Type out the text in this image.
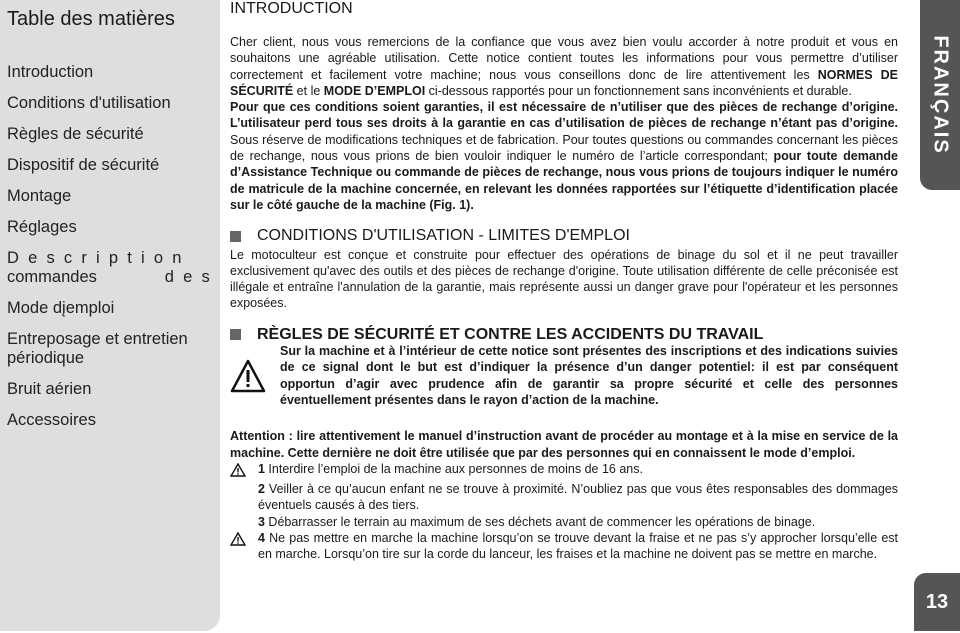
Table des matières
Introduction
Conditions d'utilisation
Règles de sécurité
Dispositif de sécurité
Montage
Réglages
D e s c r i p t i o n
d e s
commandes
Mode dįemploi
Entreposage et entretien
périodique
Bruit aérien
Accessoires
FRANÇAIS
INTRODUCTION

Cher client, nous vous remercions de la confiance que vous avez bien voulu accorder à notre produit et vous en souhaitons une agréable utilisation. Cette notice contient toutes les informations pour vous permettre d’utiliser correctement et facilement votre machine; nous vous conseillons donc de lire attentivement les NORMES DE SÉCURITÉ et le MODE D’EMPLOI ci-dessous rapportés pour un fonctionnement sans inconvénients et durable.

Pour que ces conditions soient garanties, il est nécessaire de n’utiliser que des pièces de rechange d’origine. L’utilisateur perd tous ses droits à la garantie en cas d’utilisation de pièces de rechange n’étant pas d’origine. Sous réserve de modifications techniques et de fabrication. Pour toutes questions ou commandes concernant les pièces de rechange, nous vous prions de bien vouloir indiquer le numéro de l’article correspondant; pour toute demande d’Assistance Technique ou commande de pièces de rechange, nous vous prions de toujours indiquer le numéro de matricule de la machine concernée, en relevant les données rapportées sur l’étiquette d’identification placée sur le côté gauche de la machine (Fig. 1).

CONDITIONS D'UTILISATION - LIMITES D'EMPLOI

Le motoculteur est conçue et construite pour effectuer des opérations de binage du sol et il ne peut travailler exclusivement qu'avec des outils et des pièces de rechange d'origine. Toute utilisation différente de celle préconisée est illégale et entraîne l'annulation de la garantie, mais représente aussi un danger grave pour l'opérateur et les personnes exposées.

RÈGLES DE SÉCURITÉ ET CONTRE LES ACCIDENTS DU TRAVAIL

Sur la machine et à l’intérieur de cette notice sont présentes des inscriptions et des indications suivies de ce signal dont le but est d’indiquer la présence d’un danger potentiel: il est par conséquent opportun d’agir avec prudence afin de garantir sa propre sécurité et celle des personnes éventuellement présentes dans le rayon d’action de la machine.

Attention : lire attentivement le manuel d’instruction avant de procéder au montage et à la mise en service de la machine. Cette dernière ne doit être utilisée que par des personnes qui en connaissent le mode d’emploi.

1 Interdire l’emploi de la machine aux personnes de moins de 16 ans.

2 Veiller à ce qu’aucun enfant ne se trouve à proximité. N’oubliez pas que vous êtes responsables des dommages éventuels causés à des tiers.

3 Débarrasser le terrain au maximum de ses déchets avant de commencer les opérations de binage.

4 Ne pas mettre en marche la machine lorsqu’on se trouve devant la fraise et ne pas s’y approcher lorsqu’elle est en marche. Lorsqu’on tire sur la corde du lanceur, les fraises et la machine ne doivent pas se mettre en marche.

13
